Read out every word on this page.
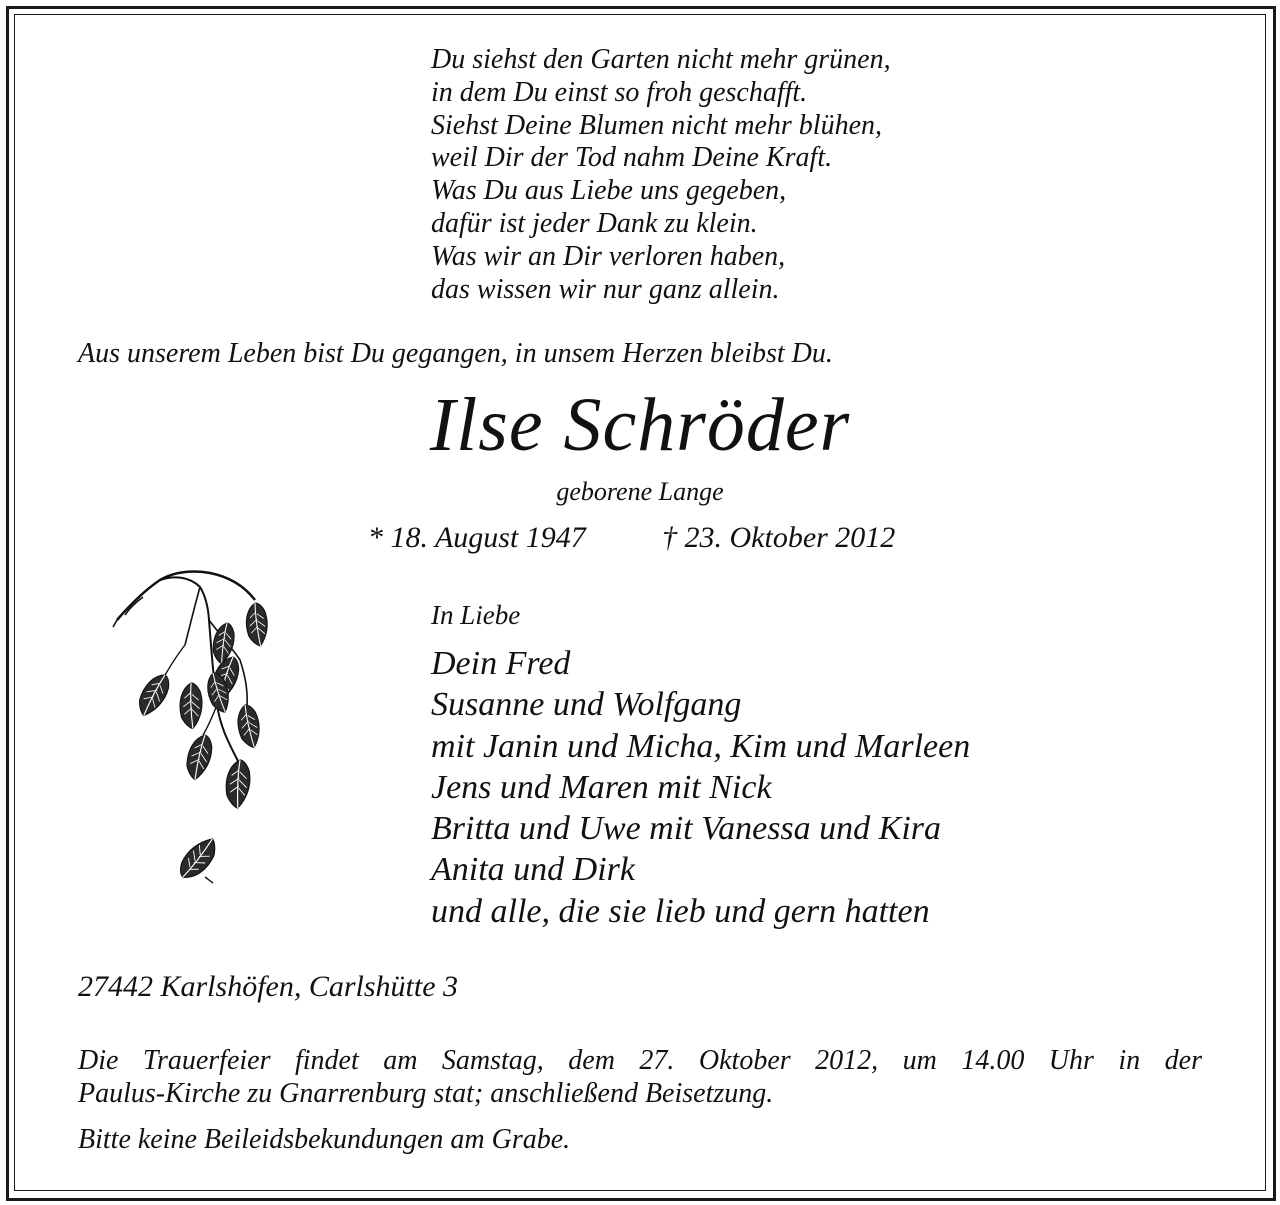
Du siehst den Garten nicht mehr grünen,
in dem Du einst so froh geschafft.
Siehst Deine Blumen nicht mehr blühen,
weil Dir der Tod nahm Deine Kraft.
Was Du aus Liebe uns gegeben,
dafür ist jeder Dank zu klein.
Was wir an Dir verloren haben,
das wissen wir nur ganz allein.
Aus unserem Leben bist Du gegangen, in unsem Herzen bleibst Du.
Ilse Schröder
geborene Lange
* 18. August 1947	† 23. Oktober 2012
In Liebe
Dein Fred
Susanne und Wolfgang
mit Janin und Micha, Kim und Marleen
Jens und Maren mit Nick
Britta und Uwe mit Vanessa und Kira
Anita und Dirk
und alle, die sie lieb und gern hatten
27442 Karlshöfen, Carlshütte 3
Die Trauerfeier findet am Samstag, dem 27. Oktober 2012, um 14.00 Uhr in der
Paulus-Kirche zu Gnarrenburg stat; anschließend Beisetzung.
Bitte keine Beileidsbekundungen am Grabe.
